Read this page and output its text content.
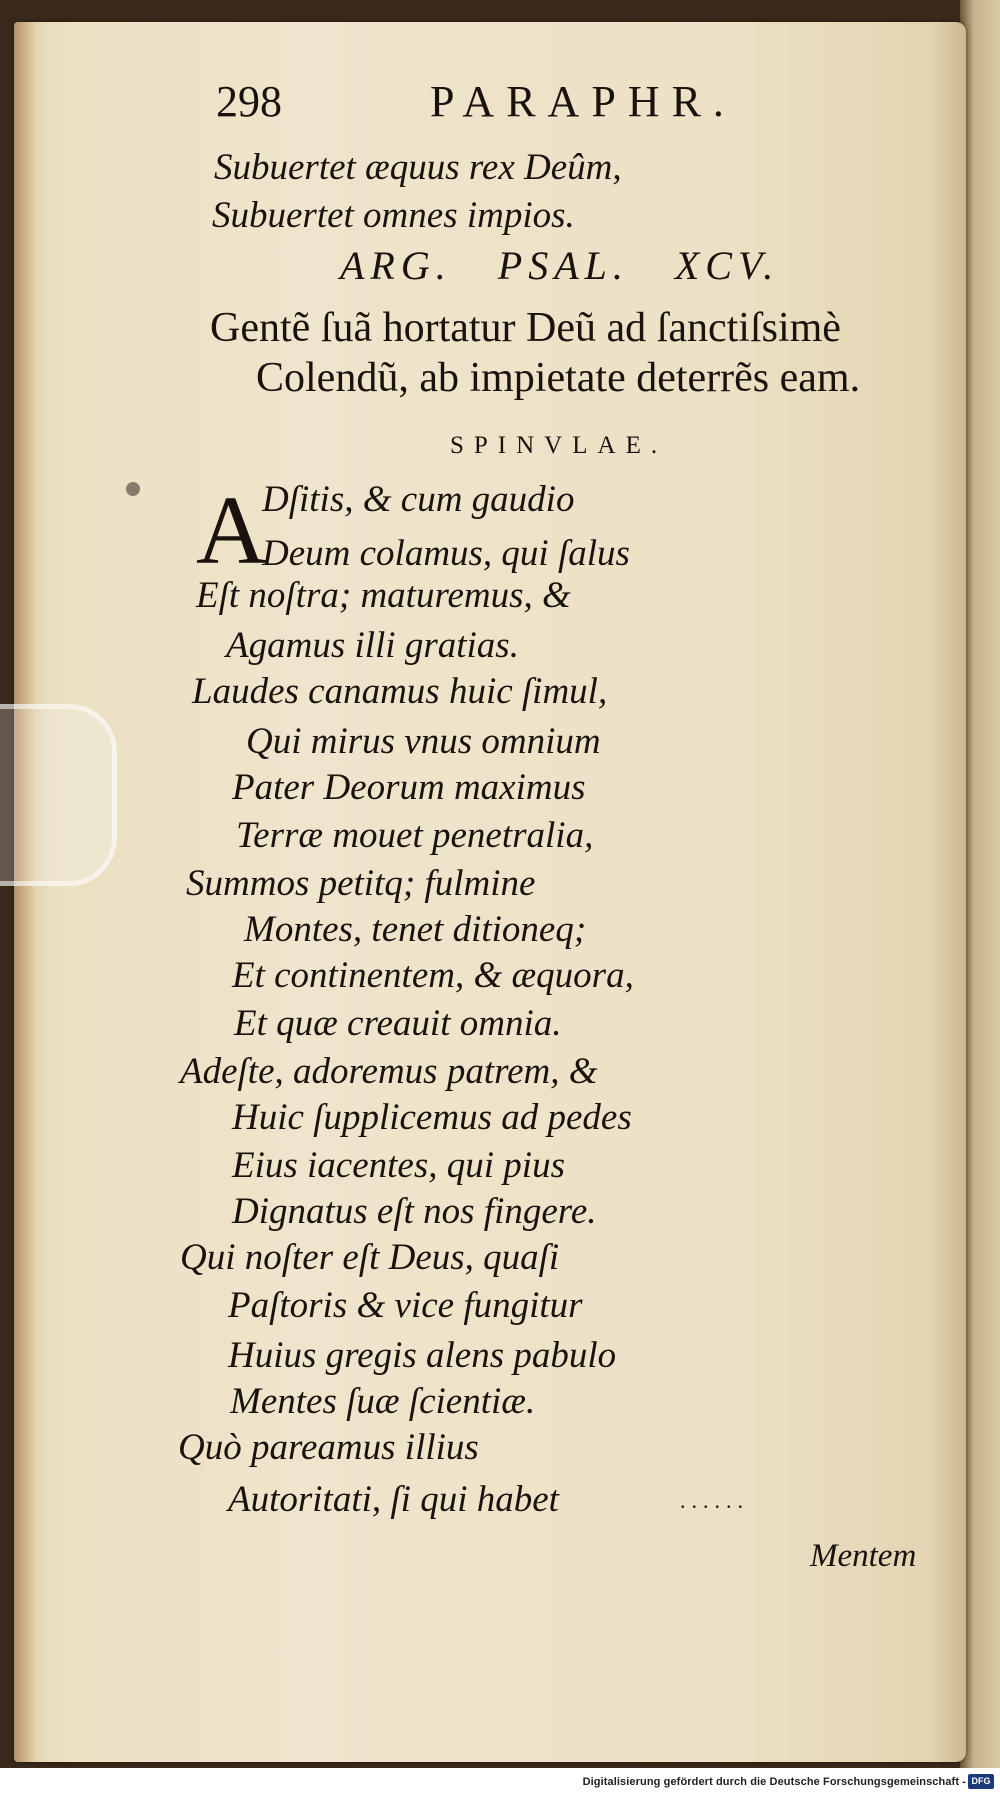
298	PARAPHR.
Subuertet æquus rex Deûm,
Subuertet omnes impios.
ARG. PSAL. XCV.
Gentẽ ſuã hortatur Deũ ad ſanctiſsimè
Colendũ, ab impietate deterrẽs eam.
SPINVLAE.
A
Dſitis, & cum gaudio
Deum colamus, qui ſalus
Eſt noſtra; maturemus, &
Agamus illi gratias.
Laudes canamus huic ſimul,
Qui mirus vnus omnium
Pater Deorum maximus
Terræ mouet penetralia,
Summos petitq; fulmine
Montes, tenet ditioneq;
Et continentem, & æquora,
Et quæ creauit omnia.
Adeſte, adoremus patrem, &
Huic ſupplicemus ad pedes
Eius iacentes, qui pius
Dignatus eſt nos fingere.
Qui noſter eſt Deus, quaſi
Paſtoris & vice fungitur
Huius gregis alens pabulo
Mentes ſuæ ſcientiæ.
Quò pareamus illius
Autoritati, ſi qui habet	......
Mentem
Digitalisierung gefördert durch die Deutsche Forschungsgemeinschaft - DFG
